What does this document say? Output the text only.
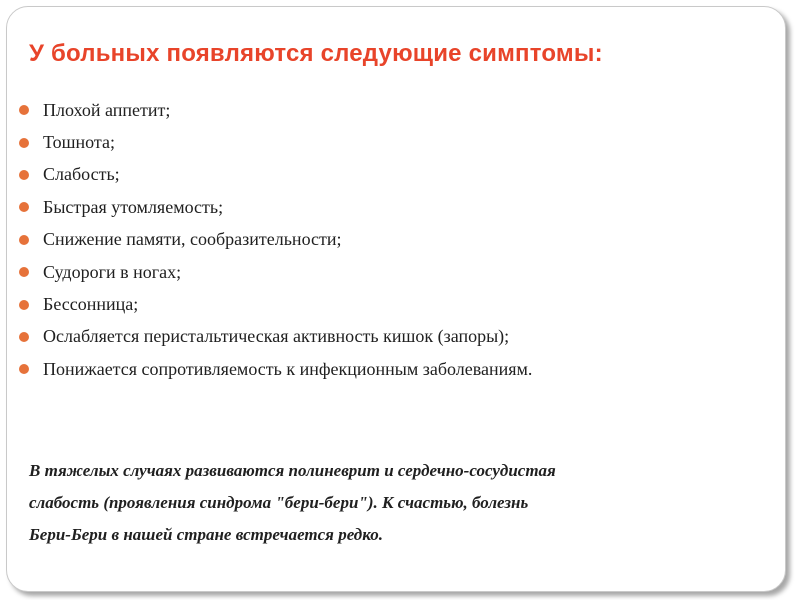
У больных появляются следующие симптомы:
Плохой аппетит;
Тошнота;
Слабость;
Быстрая утомляемость;
Снижение памяти, сообразительности;
Судороги в ногах;
Бессонница;
Ослабляется перистальтическая активность кишок (запоры);
Понижается сопротивляемость к инфекционным заболеваниям.

В тяжелых случаях развиваются полиневрит и сердечно-сосудистая

слабость (проявления синдрома "бери-бери"). К счастью, болезнь

Бери-Бери в нашей стране встречается редко.
